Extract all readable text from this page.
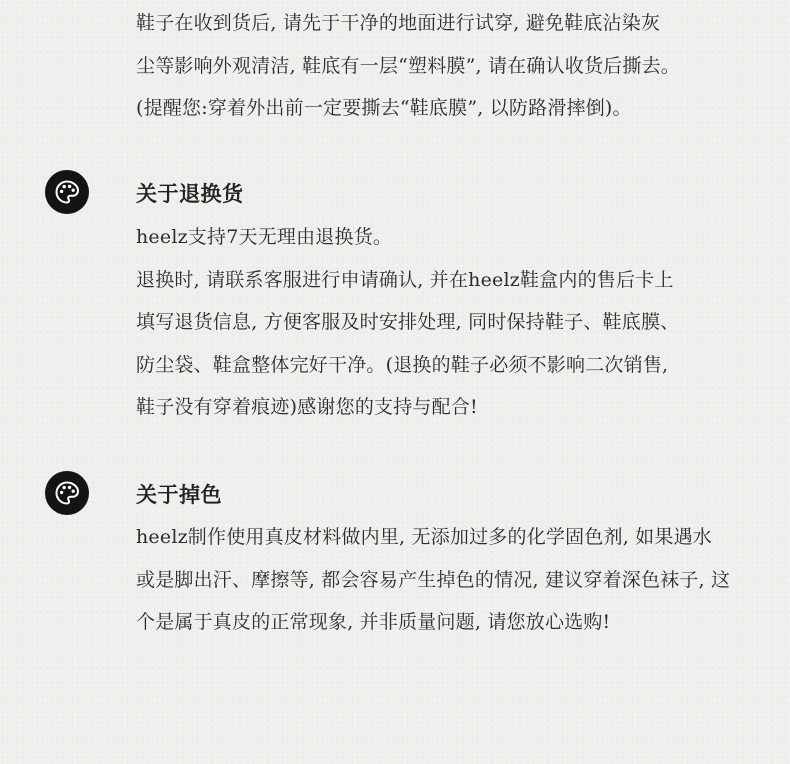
鞋子在收到货后, 请先于干净的地面进行试穿, 避免鞋底沾染灰
尘等影响外观清洁, 鞋底有一层“塑料膜”, 请在确认收货后撕去。
(提醒您:穿着外出前一定要撕去“鞋底膜”, 以防路滑摔倒)。
关于退换货
heelz支持7天无理由退换货。
退换时, 请联系客服进行申请确认, 并在heelz鞋盒内的售后卡上
填写退货信息, 方便客服及时安排处理, 同时保持鞋子、鞋底膜、
防尘袋、鞋盒整体完好干净。(退换的鞋子必须不影响二次销售,
鞋子没有穿着痕迹)感谢您的支持与配合!
关于掉色
heelz制作使用真皮材料做内里, 无添加过多的化学固色剂, 如果遇水
或是脚出汗、摩擦等, 都会容易产生掉色的情况, 建议穿着深色袜子, 这
个是属于真皮的正常现象, 并非质量问题, 请您放心选购!
